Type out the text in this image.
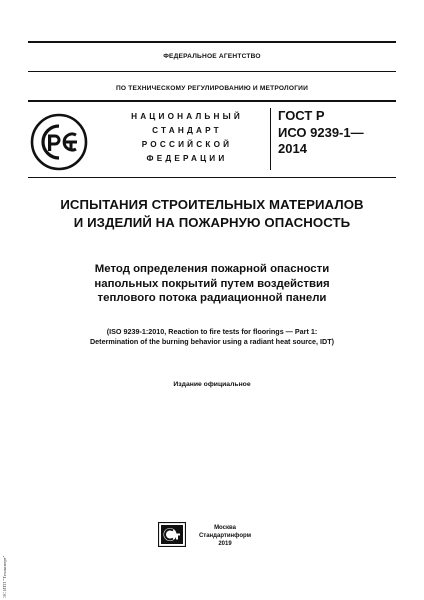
ФЕДЕРАЛЬНОЕ АГЕНТСТВО
ПО ТЕХНИЧЕСКОМУ РЕГУЛИРОВАНИЮ И МЕТРОЛОГИИ
НАЦИОНАЛЬНЫЙ
СТАНДАРТ
РОССИЙСКОЙ
ФЕДЕРАЦИИ
ГОСТ Р
ИСО 9239-1—
2014
ИСПЫТАНИЯ СТРОИТЕЛЬНЫХ МАТЕРИАЛОВ
И ИЗДЕЛИЙ НА ПОЖАРНУЮ ОПАСНОСТЬ
Метод определения пожарной опасности
напольных покрытий путем воздействия
теплового потока радиационной панели
(ISO 9239-1:2010, Reaction to fire tests for floorings — Part 1:
Determination of the burning behavior using a radiant heat source, IDT)
Издание официальное
Москва
Стандартинформ
2019
ЭС ИТП "Техэксперт"
